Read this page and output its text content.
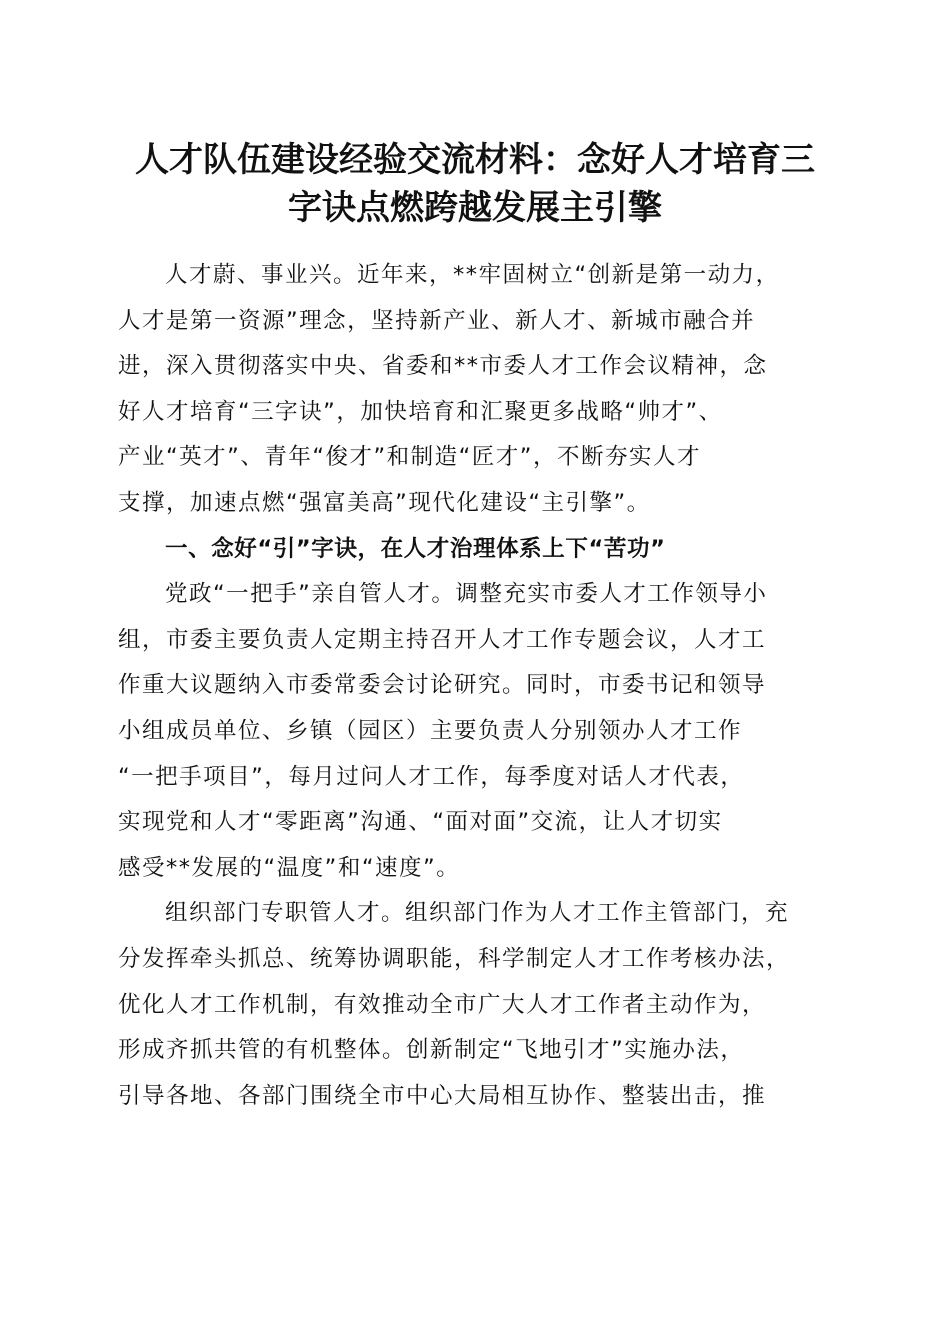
人才队伍建设经验交流材料：念好人才培育三
字诀点燃跨越发展主引擎
人才蔚、事业兴。近年来，**牢固树立“创新是第一动力，
人才是第一资源”理念，坚持新产业、新人才、新城市融合并
进，深入贯彻落实中央、省委和**市委人才工作会议精神，念
好人才培育“三字诀”，加快培育和汇聚更多战略“帅才”、
产业“英才”、青年“俊才”和制造“匠才”，不断夯实人才
支撑，加速点燃“强富美高”现代化建设“主引擎”。
一、念好“引”字诀，在人才治理体系上下“苦功”
党政“一把手”亲自管人才。调整充实市委人才工作领导小
组，市委主要负责人定期主持召开人才工作专题会议，人才工
作重大议题纳入市委常委会讨论研究。同时，市委书记和领导
小组成员单位、乡镇（园区）主要负责人分别领办人才工作
“一把手项目”，每月过问人才工作，每季度对话人才代表，
实现党和人才“零距离”沟通、“面对面”交流，让人才切实
感受**发展的“温度”和“速度”。
组织部门专职管人才。组织部门作为人才工作主管部门，充
分发挥牵头抓总、统筹协调职能，科学制定人才工作考核办法，
优化人才工作机制，有效推动全市广大人才工作者主动作为，
形成齐抓共管的有机整体。创新制定“飞地引才”实施办法，
引导各地、各部门围绕全市中心大局相互协作、整装出击，推
